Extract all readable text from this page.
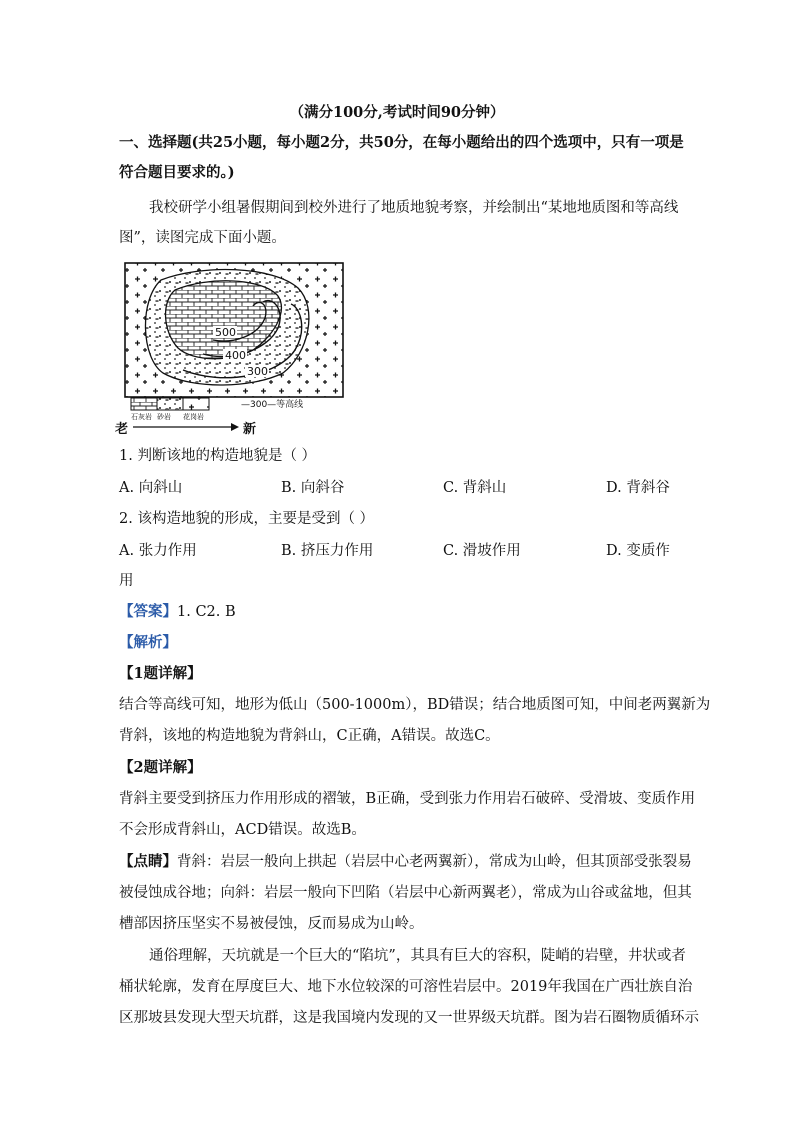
（满分100分,考试时间90分钟）
一、选择题(共25小题，每小题2分，共50分，在每小题给出的四个选项中，只有一项是
符合题目要求的。)
我校研学小组暑假期间到校外进行了地质地貌考察，并绘制出“某地地质图和等高线
图”，读图完成下面小题。
500
400
300
—300—等高线
石灰岩 砂岩 花岗岩
老	新
1. 判断该地的构造地貌是（ ）
A. 向斜山	B. 向斜谷	C. 背斜山	D. 背斜谷
2. 该构造地貌的形成，主要是受到（ ）
A. 张力作用	B. 挤压力作用	C. 滑坡作用	D. 变质作
用
【答案】1. C2. B
【解析】
【1题详解】
结合等高线可知，地形为低山（500-1000m），BD错误；结合地质图可知，中间老两翼新为
背斜，该地的构造地貌为背斜山，C正确，A错误。故选C。
【2题详解】
背斜主要受到挤压力作用形成的褶皱，B正确，受到张力作用岩石破碎、受滑坡、变质作用
不会形成背斜山，ACD错误。故选B。
【点睛】背斜：岩层一般向上拱起（岩层中心老两翼新），常成为山岭，但其顶部受张裂易
被侵蚀成谷地；向斜：岩层一般向下凹陷（岩层中心新两翼老），常成为山谷或盆地，但其
槽部因挤压坚实不易被侵蚀，反而易成为山岭。
通俗理解，天坑就是一个巨大的“陷坑”，其具有巨大的容积，陡峭的岩壁，井状或者
桶状轮廓，发育在厚度巨大、地下水位较深的可溶性岩层中。2019年我国在广西壮族自治
区那坡县发现大型天坑群，这是我国境内发现的又一世界级天坑群。图为岩石圈物质循环示
